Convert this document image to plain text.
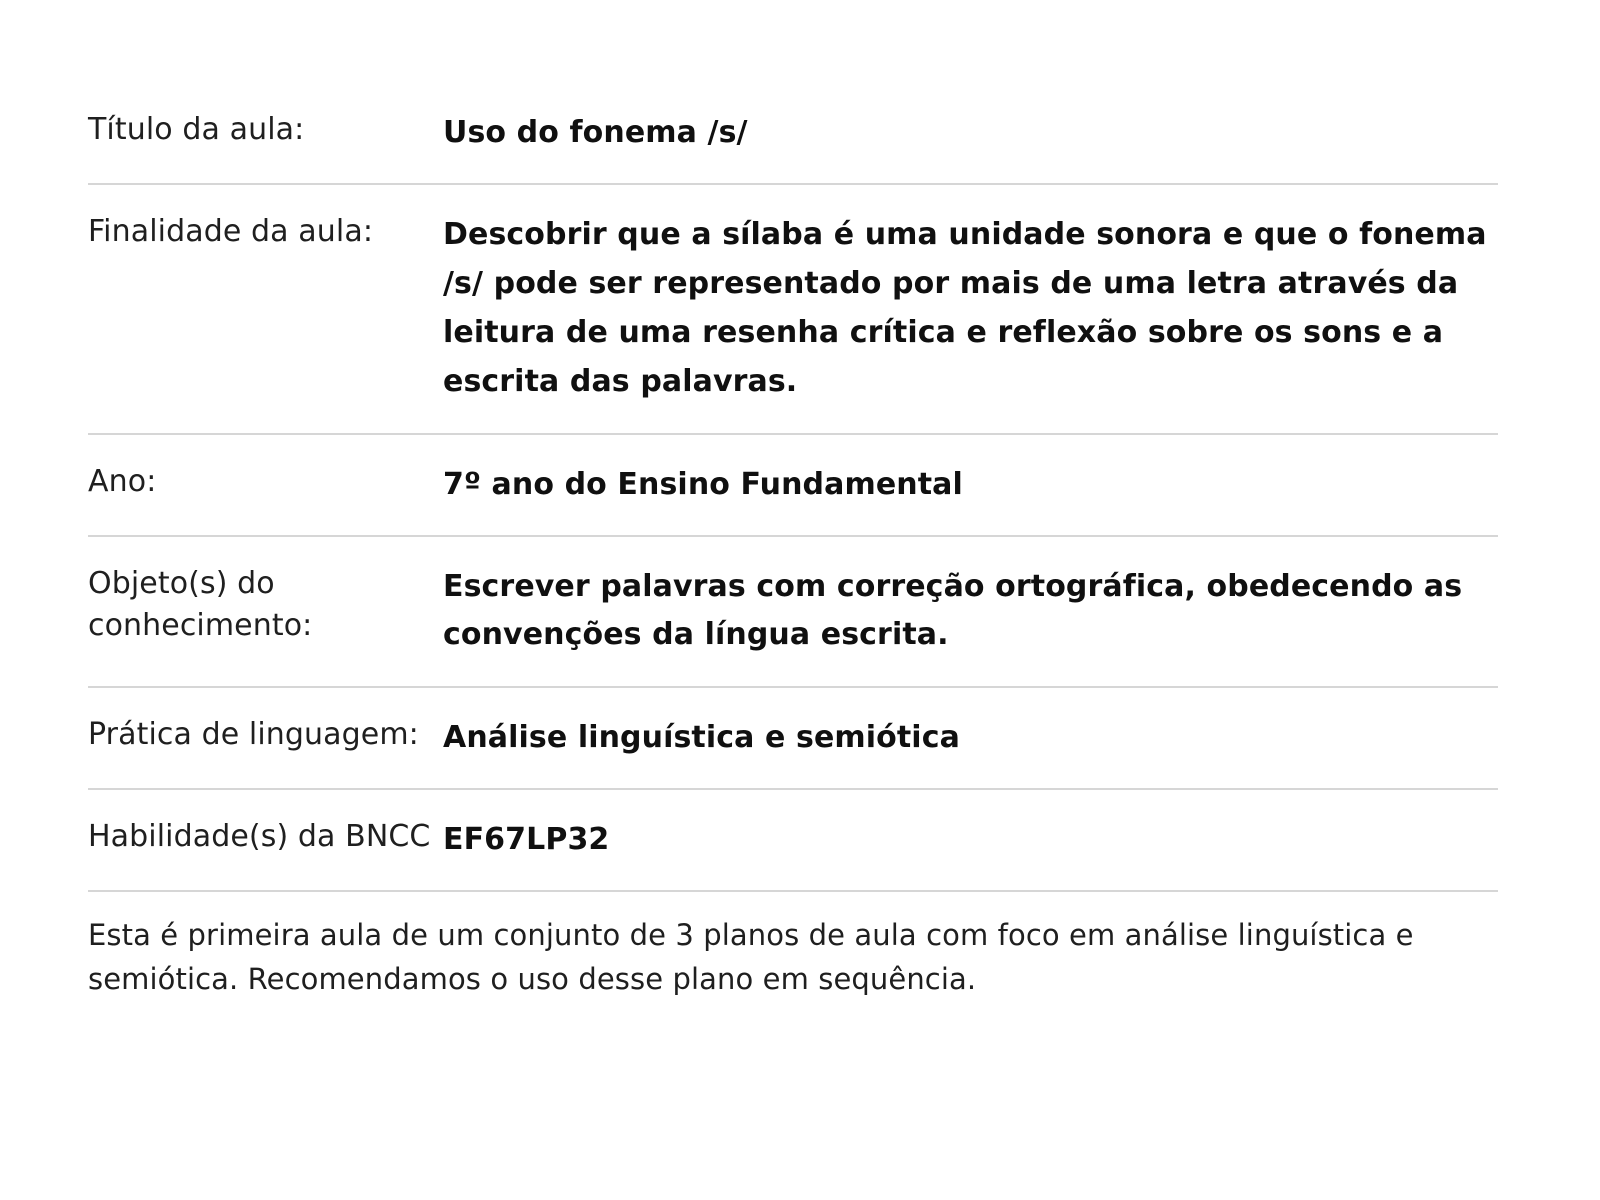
Título da aula:	Uso do fonema /s/
Finalidade da aula:	Descobrir que a sílaba é uma unidade sonora e que o fonema /s/ pode ser representado por mais de uma letra através da leitura de uma resenha crítica e reflexão sobre os sons e a escrita das palavras.
Ano:	7º ano do Ensino Fundamental
Objeto(s) do conhecimento:	Escrever palavras com correção ortográfica, obedecendo as convenções da língua escrita.
Prática de linguagem:	Análise linguística e semiótica
Habilidade(s) da BNCC	EF67LP32

Esta é primeira aula de um conjunto de 3 planos de aula com foco em análise linguística e semiótica. Recomendamos o uso desse plano em sequência.	
